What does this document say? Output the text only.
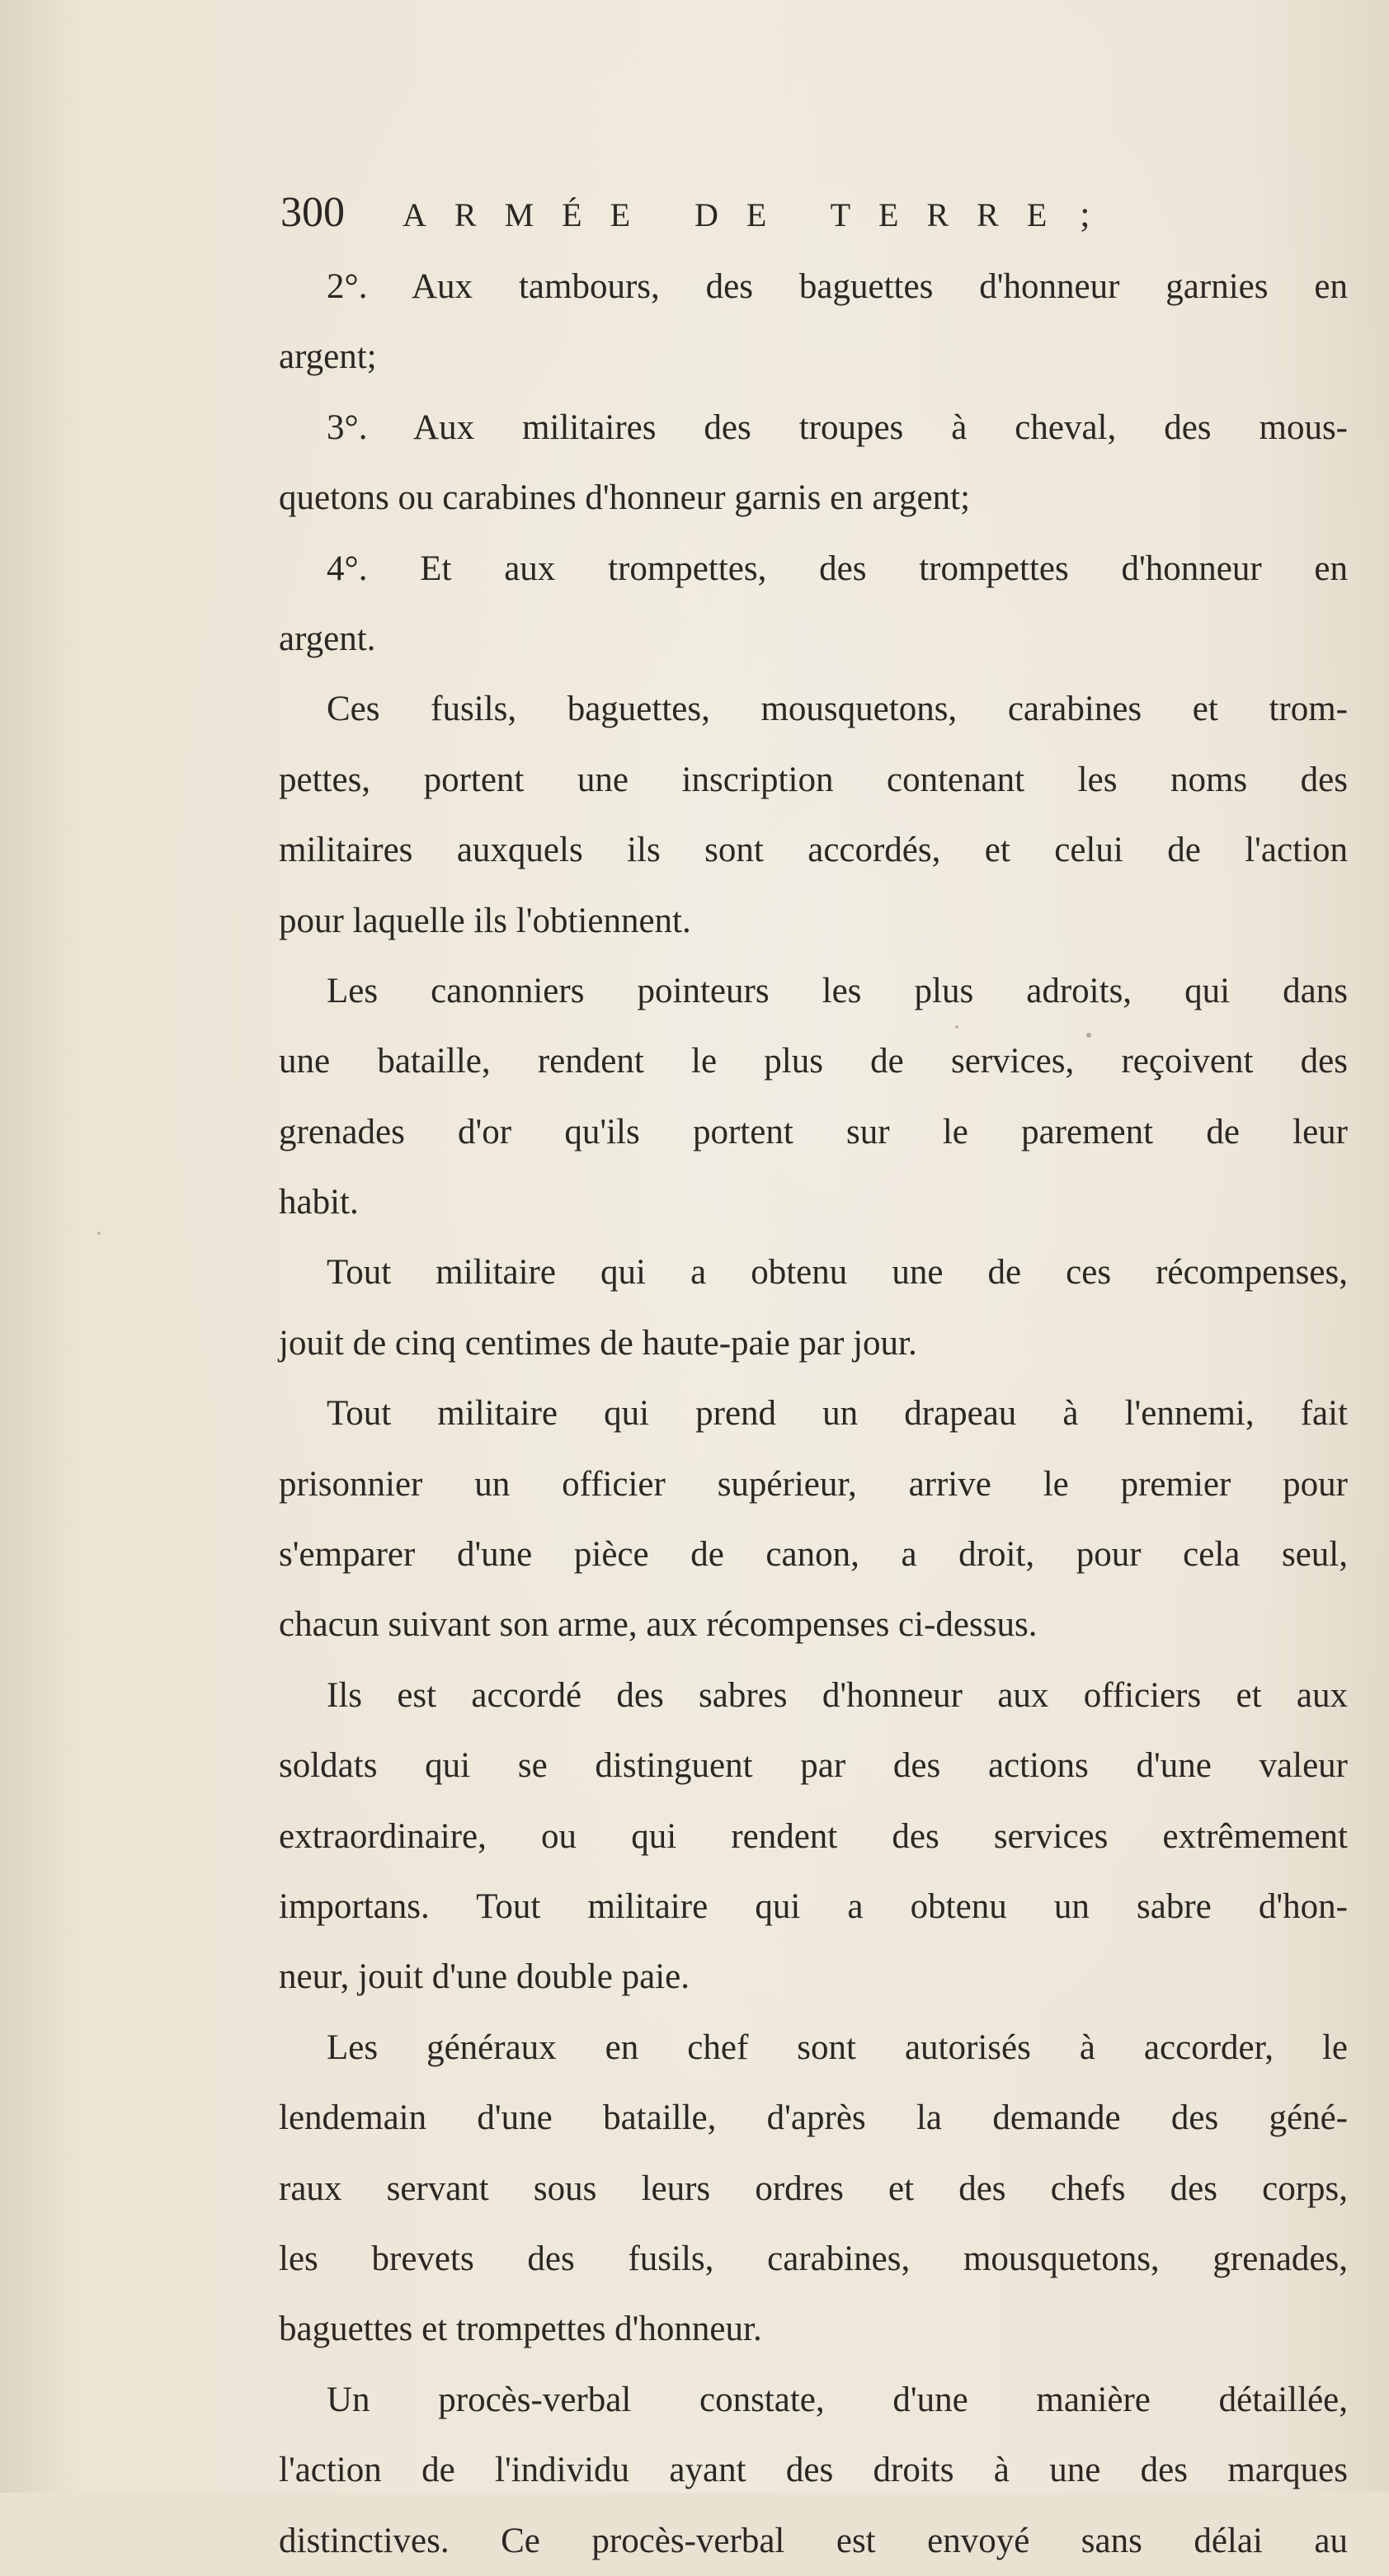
300 ARMÉE DE TERRE ;
2°. Aux tambours, des baguettes d'honneur garnies en
argent;
3°. Aux militaires des troupes à cheval, des mous-
quetons ou carabines d'honneur garnis en argent;
4°. Et aux trompettes, des trompettes d'honneur en
argent.
Ces fusils, baguettes, mousquetons, carabines et trom-
pettes, portent une inscription contenant les noms des
militaires auxquels ils sont accordés, et celui de l'action
pour laquelle ils l'obtiennent.
Les canonniers pointeurs les plus adroits, qui dans
une bataille, rendent le plus de services, reçoivent des
grenades d'or qu'ils portent sur le parement de leur
habit.
Tout militaire qui a obtenu une de ces récompenses,
jouit de cinq centimes de haute-paie par jour.
Tout militaire qui prend un drapeau à l'ennemi, fait
prisonnier un officier supérieur, arrive le premier pour
s'emparer d'une pièce de canon, a droit, pour cela seul,
chacun suivant son arme, aux récompenses ci-dessus.
Ils est accordé des sabres d'honneur aux officiers et aux
soldats qui se distinguent par des actions d'une valeur
extraordinaire, ou qui rendent des services extrêmement
importans. Tout militaire qui a obtenu un sabre d'hon-
neur, jouit d'une double paie.
Les généraux en chef sont autorisés à accorder, le
lendemain d'une bataille, d'après la demande des géné-
raux servant sous leurs ordres et des chefs des corps,
les brevets des fusils, carabines, mousquetons, grenades,
baguettes et trompettes d'honneur.
Un procès-verbal constate, d'une manière détaillée,
l'action de l'individu ayant des droits à une des marques
distinctives. Ce procès-verbal est envoyé sans délai au
